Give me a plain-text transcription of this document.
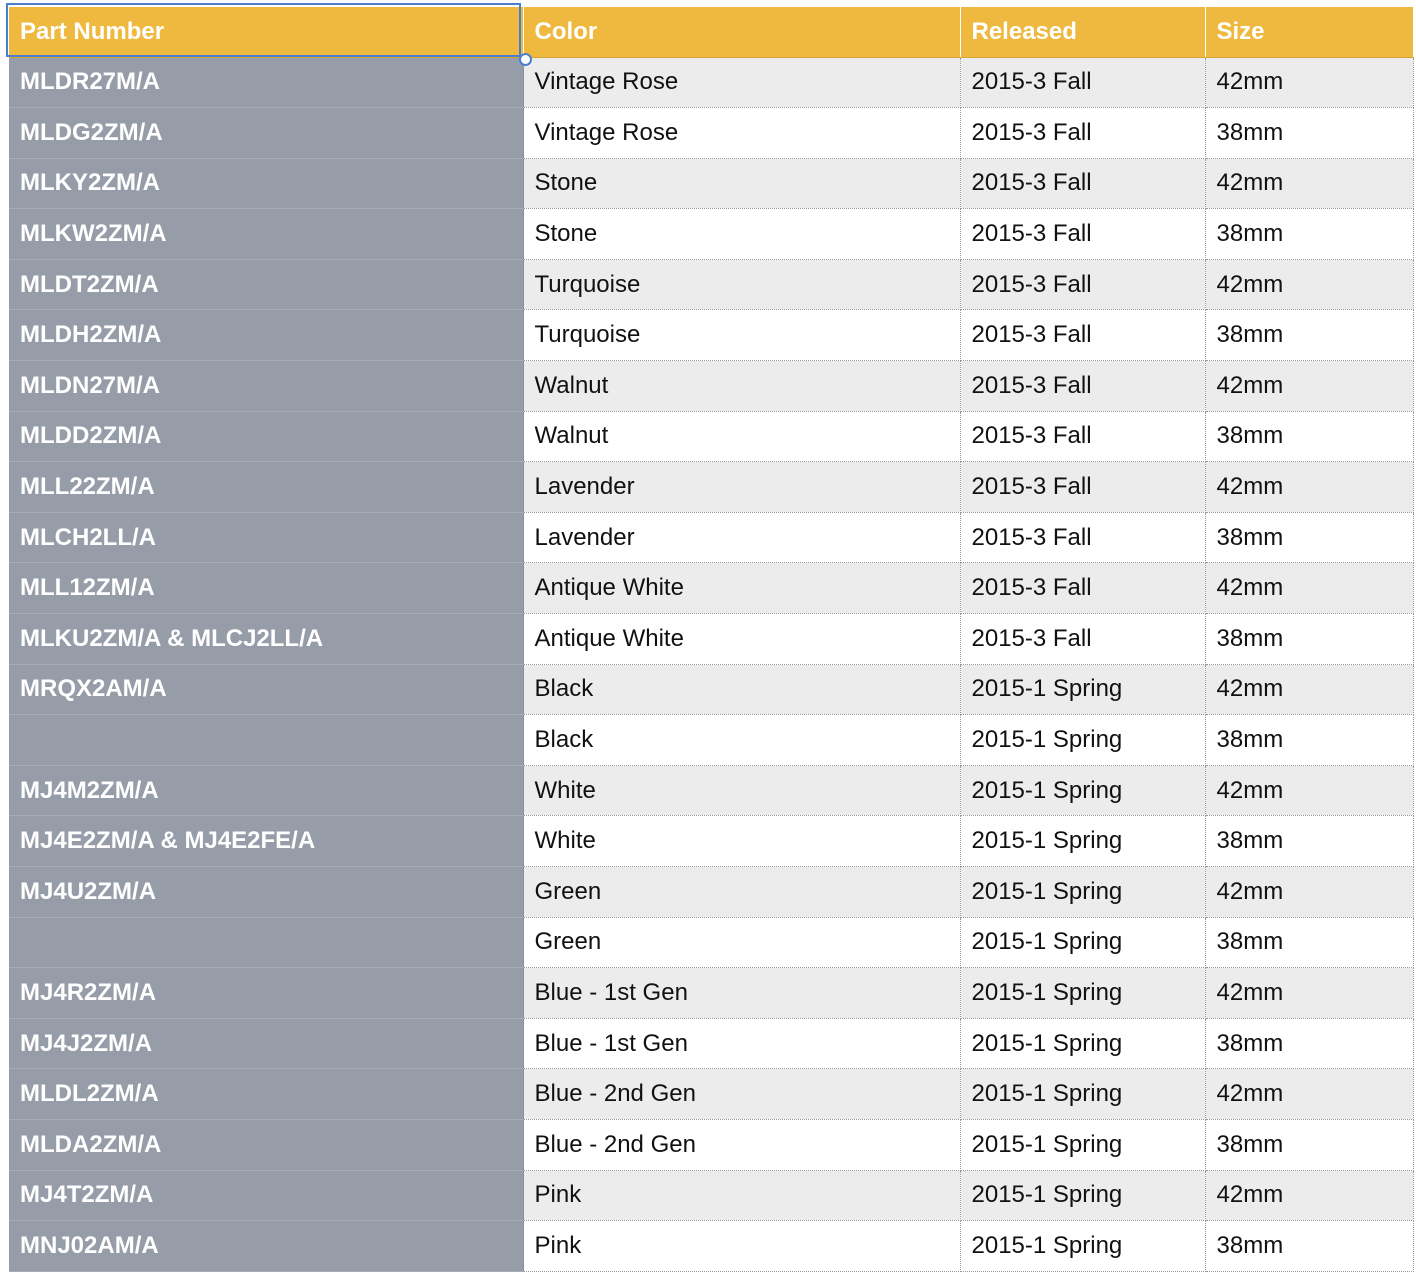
Part Number	Color	Released	Size
MLDR27M/A	Vintage Rose	2015-3 Fall	42mm
MLDG2ZM/A	Vintage Rose	2015-3 Fall	38mm
MLKY2ZM/A	Stone	2015-3 Fall	42mm
MLKW2ZM/A	Stone	2015-3 Fall	38mm
MLDT2ZM/A	Turquoise	2015-3 Fall	42mm
MLDH2ZM/A	Turquoise	2015-3 Fall	38mm
MLDN27M/A	Walnut	2015-3 Fall	42mm
MLDD2ZM/A	Walnut	2015-3 Fall	38mm
MLL22ZM/A	Lavender	2015-3 Fall	42mm
MLCH2LL/A	Lavender	2015-3 Fall	38mm
MLL12ZM/A	Antique White	2015-3 Fall	42mm
MLKU2ZM/A & MLCJ2LL/A	Antique White	2015-3 Fall	38mm
MRQX2AM/A	Black	2015-1 Spring	42mm
	Black	2015-1 Spring	38mm
MJ4M2ZM/A	White	2015-1 Spring	42mm
MJ4E2ZM/A & MJ4E2FE/A	White	2015-1 Spring	38mm
MJ4U2ZM/A	Green	2015-1 Spring	42mm
	Green	2015-1 Spring	38mm
MJ4R2ZM/A	Blue - 1st Gen	2015-1 Spring	42mm
MJ4J2ZM/A	Blue - 1st Gen	2015-1 Spring	38mm
MLDL2ZM/A	Blue - 2nd Gen	2015-1 Spring	42mm
MLDA2ZM/A	Blue - 2nd Gen	2015-1 Spring	38mm
MJ4T2ZM/A	Pink	2015-1 Spring	42mm
MNJ02AM/A	Pink	2015-1 Spring	38mm
